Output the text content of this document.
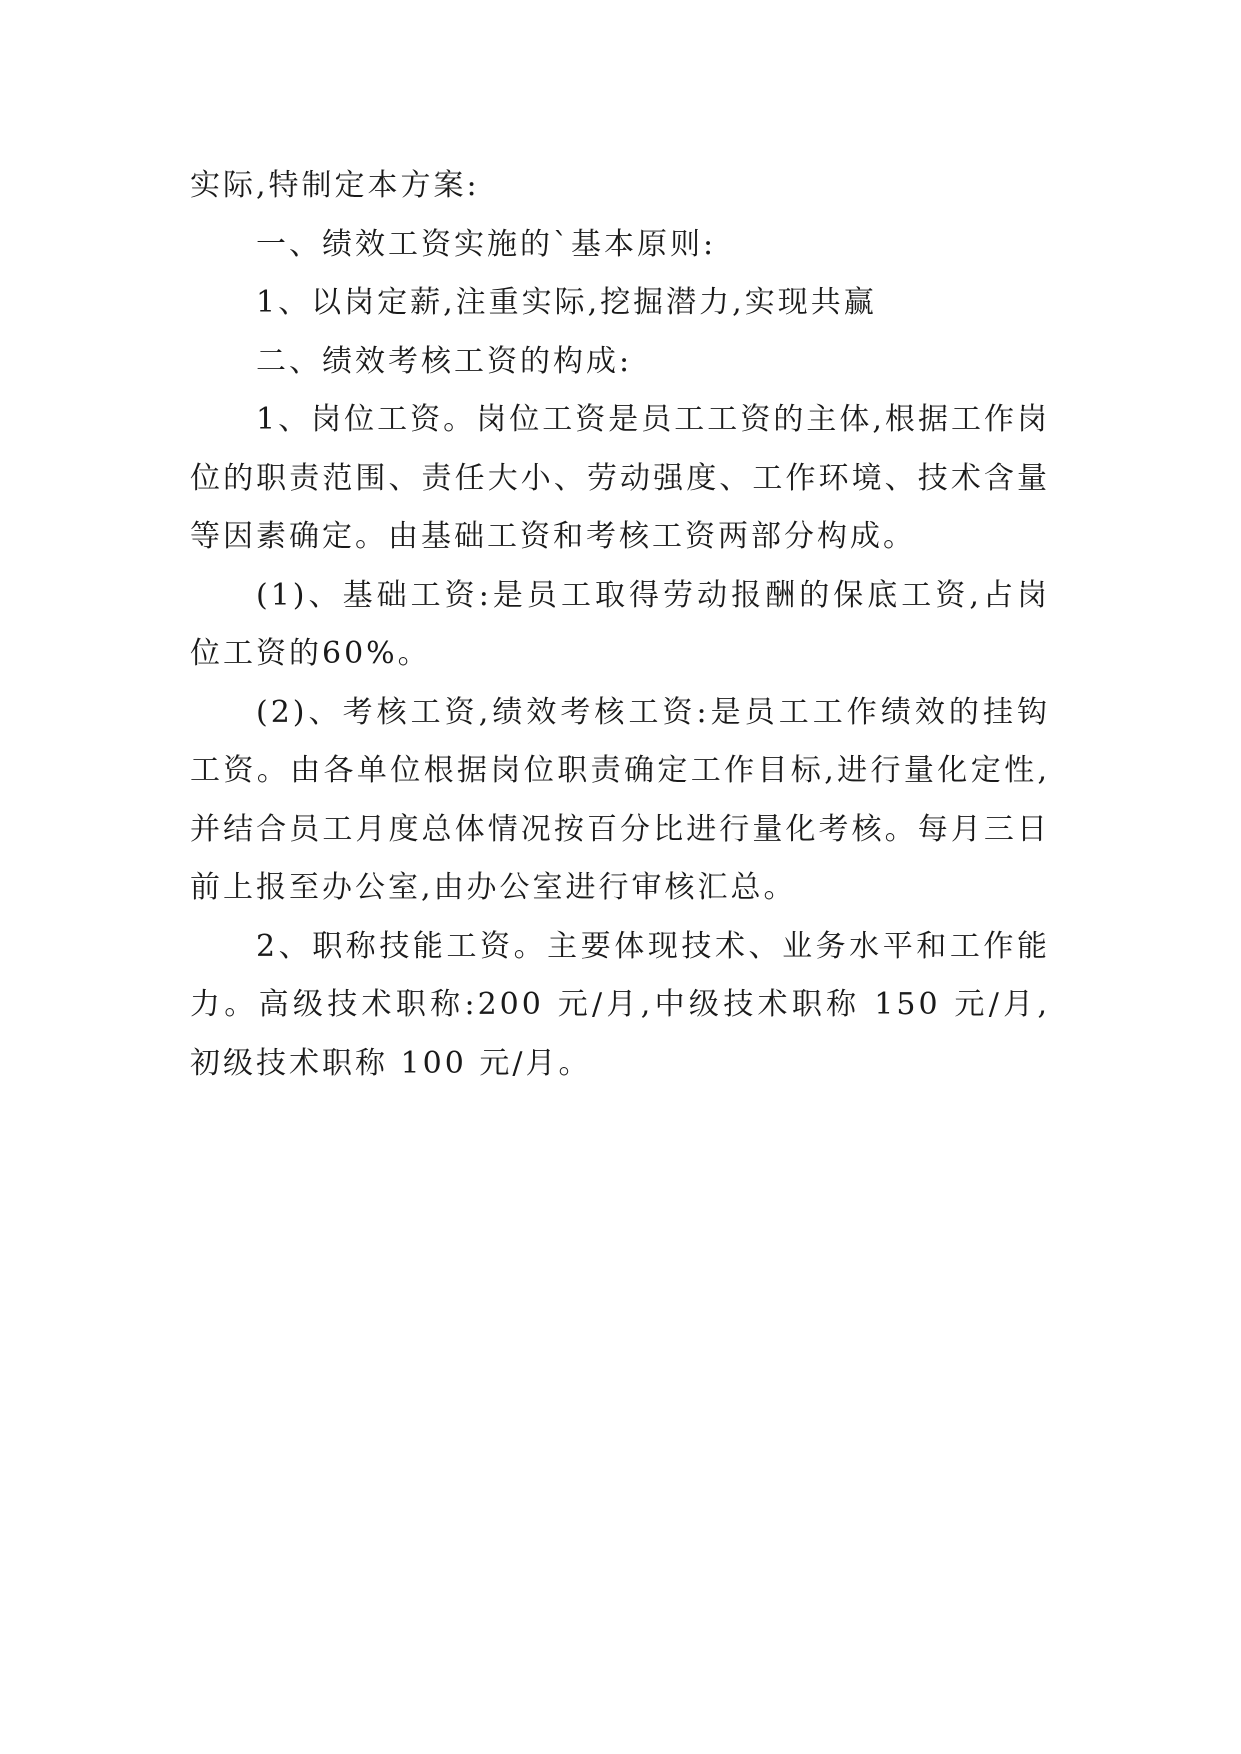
实际,特制定本方案:

一、绩效工资实施的`基本原则:

1、以岗定薪,注重实际,挖掘潜力,实现共赢

二、绩效考核工资的构成:

1、岗位工资。岗位工资是员工工资的主体,根据工作岗位的职责范围、责任大小、劳动强度、工作环境、技术含量等因素确定。由基础工资和考核工资两部分构成。

(1)、基础工资:是员工取得劳动报酬的保底工资,占岗位工资的60%。

(2)、考核工资,绩效考核工资:是员工工作绩效的挂钩工资。由各单位根据岗位职责确定工作目标,进行量化定性,并结合员工月度总体情况按百分比进行量化考核。每月三日前上报至办公室,由办公室进行审核汇总。

2、职称技能工资。主要体现技术、业务水平和工作能力。高级技术职称:200 元/月,中级技术职称 150 元/月,初级技术职称 100 元/月。
